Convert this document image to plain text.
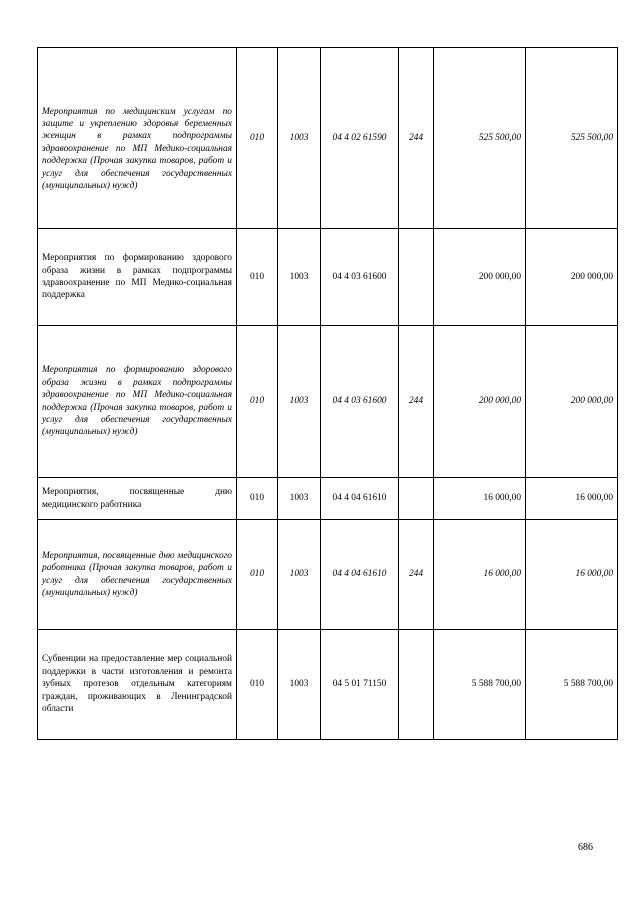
Мероприятия по медицинским услугам по защите и укреплению здоровья беременных женщин в рамках подпрограммы здравоохранение по МП Медико-социальная поддержка (Прочая закупка товаров, работ и услуг для обеспечения государственных (муниципальных) нужд)	010	1003	04 4 02 61590	244	525 500,00	525 500,00
Мероприятия по формированию здорового образа жизни в рамках подпрограммы здравоохранение по МП Медико-социальная поддержка	010	1003	04 4 03 61600		200 000,00	200 000,00
Мероприятия по формированию здорового образа жизни в рамках подпрограммы здравоохранение по МП Медико-социальная поддержка (Прочая закупка товаров, работ и услуг для обеспечения государственных (муниципальных) нужд)	010	1003	04 4 03 61600	244	200 000,00	200 000,00
Мероприятия, посвященные дню медицинского работника	010	1003	04 4 04 61610		16 000,00	16 000,00
Мероприятия, посвященные дню медицинского работника (Прочая закупка товаров, работ и услуг для обеспечения государственных (муниципальных) нужд)	010	1003	04 4 04 61610	244	16 000,00	16 000,00
Субвенции на предоставление мер социальной поддержки в части изготовления и ремонта зубных протезов отдельным категориям граждан, проживающих в Ленинградской области	010	1003	04 5 01 71150		5 588 700,00	5 588 700,00
686
